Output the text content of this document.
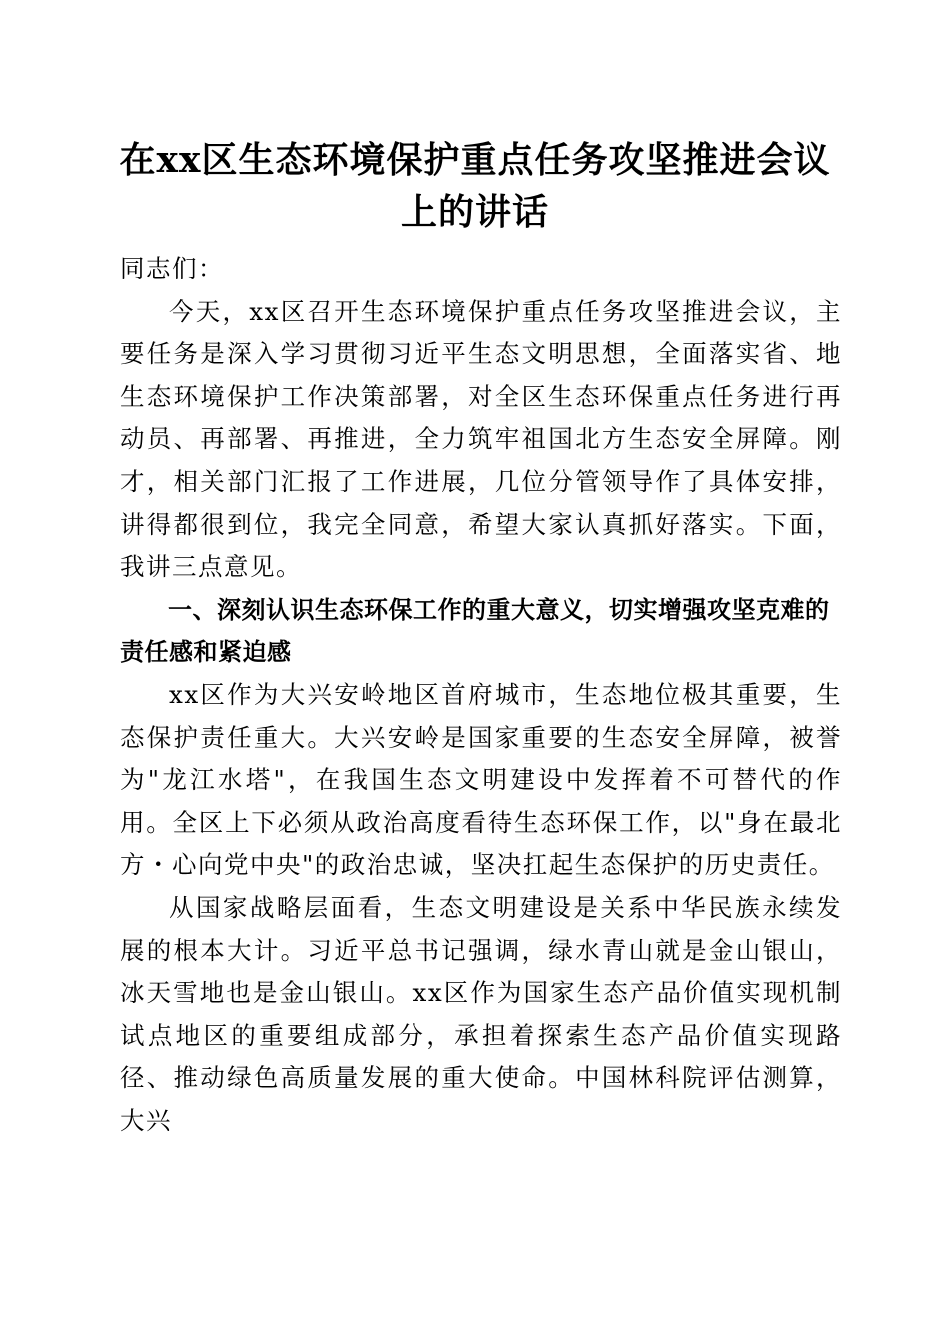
在xx区生态环境保护重点任务攻坚推进会议
上的讲话

同志们：

今天，xx区召开生态环境保护重点任务攻坚推进会议，主要任务是深入学习贯彻习近平生态文明思想，全面落实省、地生态环境保护工作决策部署，对全区生态环保重点任务进行再动员、再部署、再推进，全力筑牢祖国北方生态安全屏障。刚才，相关部门汇报了工作进展，几位分管领导作了具体安排，讲得都很到位，我完全同意，希望大家认真抓好落实。下面，我讲三点意见。

一、深刻认识生态环保工作的重大意义，切实增强攻坚克难的责任感和紧迫感

xx区作为大兴安岭地区首府城市，生态地位极其重要，生态保护责任重大。大兴安岭是国家重要的生态安全屏障，被誉为"龙江水塔"，在我国生态文明建设中发挥着不可替代的作用。全区上下必须从政治高度看待生态环保工作，以"身在最北方・心向党中央"的政治忠诚，坚决扛起生态保护的历史责任。

从国家战略层面看，生态文明建设是关系中华民族永续发展的根本大计。习近平总书记强调，绿水青山就是金山银山，冰天雪地也是金山银山。xx区作为国家生态产品价值实现机制试点地区的重要组成部分，承担着探索生态产品价值实现路径、推动绿色高质量发展的重大使命。中国林科院评估测算，大兴
